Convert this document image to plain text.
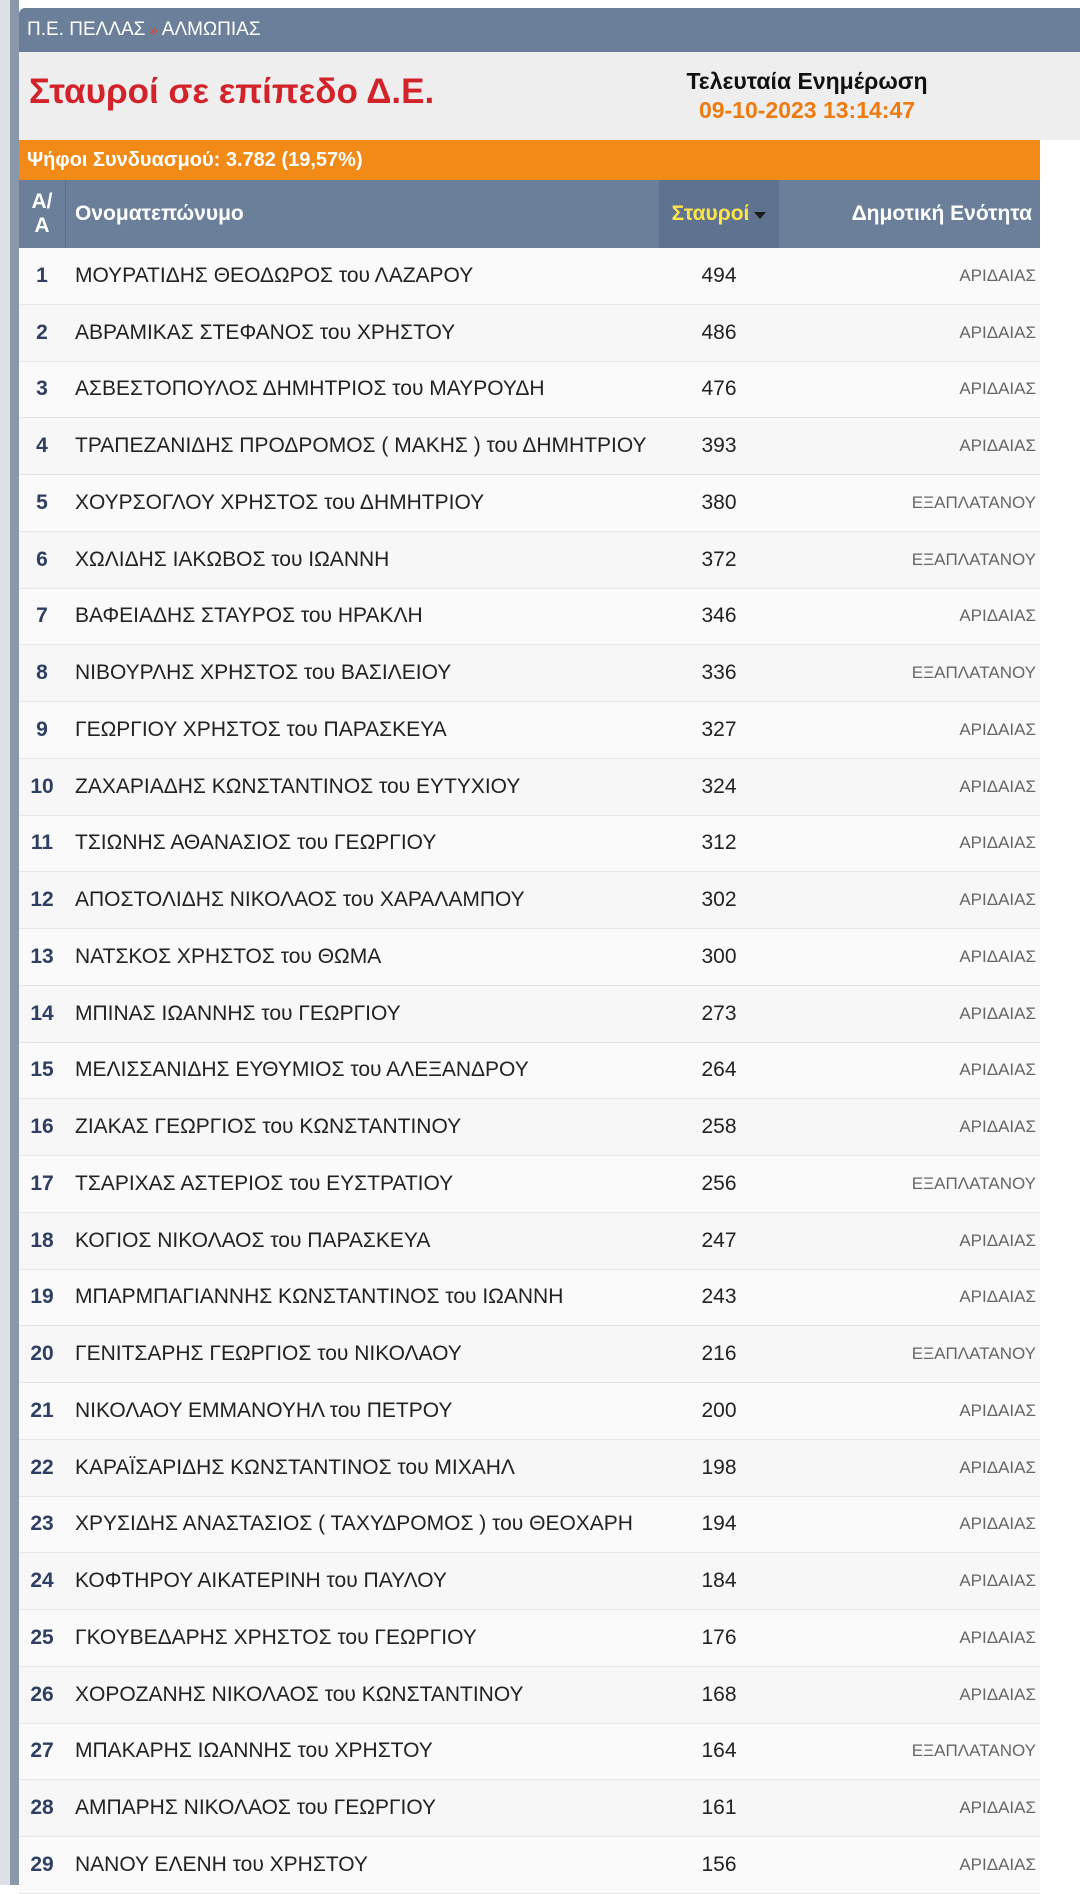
Π.Ε. ΠΕΛΛΑΣ » ΑΛΜΩΠΙΑΣ
Σταυροί σε επίπεδο Δ.Ε.	Τελευταία Ενημέρωση
09-10-2023 13:14:47
Ψήφοι Συνδυασμού: 3.782 (19,57%)
Α/
Α
Ονοματεπώνυμο	Σταυροί	Δημοτική Ενότητα
1	ΜΟΥΡΑΤΙΔΗΣ ΘΕΟΔΩΡΟΣ του ΛΑΖΑΡΟΥ	494	ΑΡΙΔΑΙΑΣ
2	ΑΒΡΑΜΙΚΑΣ ΣΤΕΦΑΝΟΣ του ΧΡΗΣΤΟΥ	486	ΑΡΙΔΑΙΑΣ
3	ΑΣΒΕΣΤΟΠΟΥΛΟΣ ΔΗΜΗΤΡΙΟΣ του ΜΑΥΡΟΥΔΗ	476	ΑΡΙΔΑΙΑΣ
4	ΤΡΑΠΕΖΑΝΙΔΗΣ ΠΡΟΔΡΟΜΟΣ ( ΜΑΚΗΣ ) του ΔΗΜΗΤΡΙΟΥ	393	ΑΡΙΔΑΙΑΣ
5	ΧΟΥΡΣΟΓΛΟΥ ΧΡΗΣΤΟΣ του ΔΗΜΗΤΡΙΟΥ	380	ΕΞΑΠΛΑΤΑΝΟΥ
6	ΧΩΛΙΔΗΣ ΙΑΚΩΒΟΣ του ΙΩΑΝΝΗ	372	ΕΞΑΠΛΑΤΑΝΟΥ
7	ΒΑΦΕΙΑΔΗΣ ΣΤΑΥΡΟΣ του ΗΡΑΚΛΗ	346	ΑΡΙΔΑΙΑΣ
8	ΝΙΒΟΥΡΛΗΣ ΧΡΗΣΤΟΣ του ΒΑΣΙΛΕΙΟΥ	336	ΕΞΑΠΛΑΤΑΝΟΥ
9	ΓΕΩΡΓΙΟΥ ΧΡΗΣΤΟΣ του ΠΑΡΑΣΚΕΥΑ	327	ΑΡΙΔΑΙΑΣ
10	ΖΑΧΑΡΙΑΔΗΣ ΚΩΝΣΤΑΝΤΙΝΟΣ του ΕΥΤΥΧΙΟΥ	324	ΑΡΙΔΑΙΑΣ
11	ΤΣΙΩΝΗΣ ΑΘΑΝΑΣΙΟΣ του ΓΕΩΡΓΙΟΥ	312	ΑΡΙΔΑΙΑΣ
12	ΑΠΟΣΤΟΛΙΔΗΣ ΝΙΚΟΛΑΟΣ του ΧΑΡΑΛΑΜΠΟΥ	302	ΑΡΙΔΑΙΑΣ
13	ΝΑΤΣΚΟΣ ΧΡΗΣΤΟΣ του ΘΩΜΑ	300	ΑΡΙΔΑΙΑΣ
14	ΜΠΙΝΑΣ ΙΩΑΝΝΗΣ του ΓΕΩΡΓΙΟΥ	273	ΑΡΙΔΑΙΑΣ
15	ΜΕΛΙΣΣΑΝΙΔΗΣ ΕΥΘΥΜΙΟΣ του ΑΛΕΞΑΝΔΡΟΥ	264	ΑΡΙΔΑΙΑΣ
16	ΖΙΑΚΑΣ ΓΕΩΡΓΙΟΣ του ΚΩΝΣΤΑΝΤΙΝΟΥ	258	ΑΡΙΔΑΙΑΣ
17	ΤΣΑΡΙΧΑΣ ΑΣΤΕΡΙΟΣ του ΕΥΣΤΡΑΤΙΟΥ	256	ΕΞΑΠΛΑΤΑΝΟΥ
18	ΚΟΓΙΟΣ ΝΙΚΟΛΑΟΣ του ΠΑΡΑΣΚΕΥΑ	247	ΑΡΙΔΑΙΑΣ
19	ΜΠΑΡΜΠΑΓΙΑΝΝΗΣ ΚΩΝΣΤΑΝΤΙΝΟΣ του ΙΩΑΝΝΗ	243	ΑΡΙΔΑΙΑΣ
20	ΓΕΝΙΤΣΑΡΗΣ ΓΕΩΡΓΙΟΣ του ΝΙΚΟΛΑΟΥ	216	ΕΞΑΠΛΑΤΑΝΟΥ
21	ΝΙΚΟΛΑΟΥ ΕΜΜΑΝΟΥΗΛ του ΠΕΤΡΟΥ	200	ΑΡΙΔΑΙΑΣ
22	ΚΑΡΑΪΣΑΡΙΔΗΣ ΚΩΝΣΤΑΝΤΙΝΟΣ του ΜΙΧΑΗΛ	198	ΑΡΙΔΑΙΑΣ
23	ΧΡΥΣΙΔΗΣ ΑΝΑΣΤΑΣΙΟΣ ( ΤΑΧΥΔΡΟΜΟΣ ) του ΘΕΟΧΑΡΗ	194	ΑΡΙΔΑΙΑΣ
24	ΚΟΦΤΗΡΟΥ ΑΙΚΑΤΕΡΙΝΗ του ΠΑΥΛΟΥ	184	ΑΡΙΔΑΙΑΣ
25	ΓΚΟΥΒΕΔΑΡΗΣ ΧΡΗΣΤΟΣ του ΓΕΩΡΓΙΟΥ	176	ΑΡΙΔΑΙΑΣ
26	ΧΟΡΟΖΑΝΗΣ ΝΙΚΟΛΑΟΣ του ΚΩΝΣΤΑΝΤΙΝΟΥ	168	ΑΡΙΔΑΙΑΣ
27	ΜΠΑΚΑΡΗΣ ΙΩΑΝΝΗΣ του ΧΡΗΣΤΟΥ	164	ΕΞΑΠΛΑΤΑΝΟΥ
28	ΑΜΠΑΡΗΣ ΝΙΚΟΛΑΟΣ του ΓΕΩΡΓΙΟΥ	161	ΑΡΙΔΑΙΑΣ
29	ΝΑΝΟΥ ΕΛΕΝΗ του ΧΡΗΣΤΟΥ	156	ΑΡΙΔΑΙΑΣ
